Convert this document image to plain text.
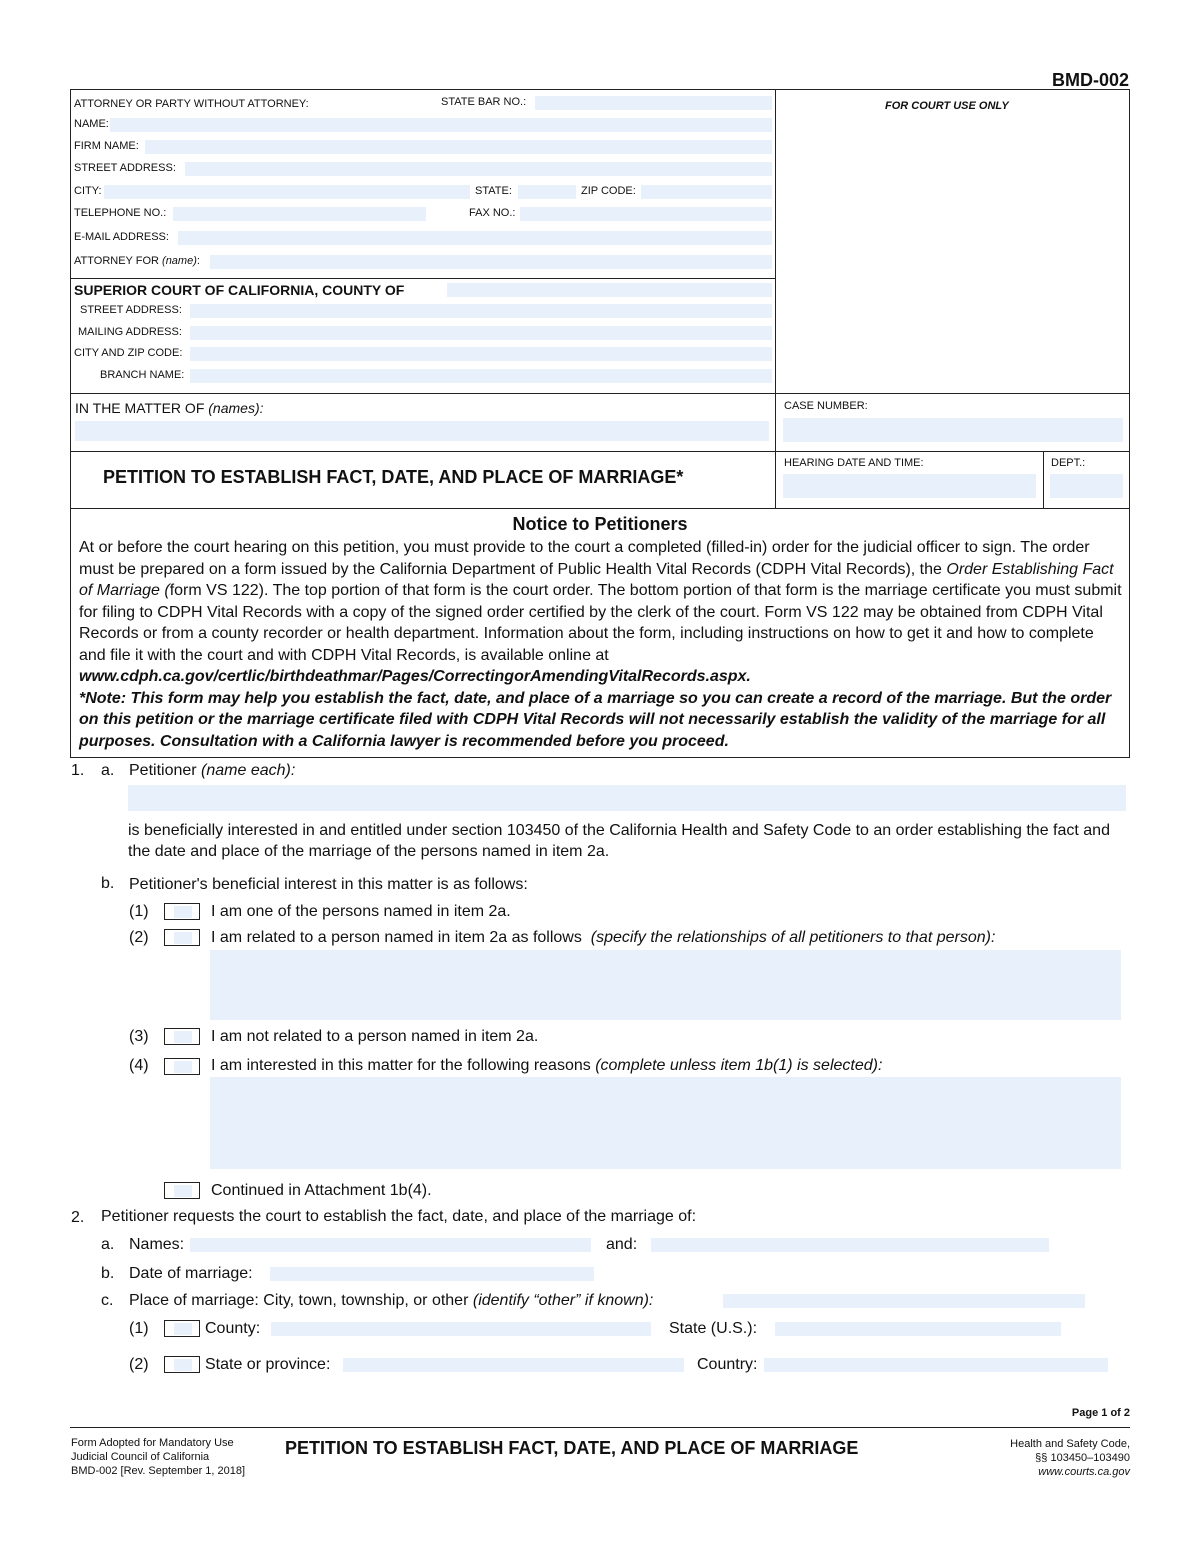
BMD-002
ATTORNEY OR PARTY WITHOUT ATTORNEY:	STATE BAR NO.:
NAME:
FIRM NAME:
STREET ADDRESS:
CITY:	STATE:	ZIP CODE:
TELEPHONE NO.:	FAX NO.:
E-MAIL ADDRESS:
ATTORNEY FOR (name):
FOR COURT USE ONLY
SUPERIOR COURT OF CALIFORNIA, COUNTY OF
STREET ADDRESS:
MAILING ADDRESS:
CITY AND ZIP CODE:
BRANCH NAME:
IN THE MATTER OF (names):	CASE NUMBER:
PETITION TO ESTABLISH FACT, DATE, AND PLACE OF MARRIAGE*
HEARING DATE AND TIME:	DEPT.:
Notice to Petitioners

At or before the court hearing on this petition, you must provide to the court a completed (filled-in) order for the judicial officer to sign. The order must be prepared on a form issued by the California Department of Public Health Vital Records (CDPH Vital Records), the Order Establishing Fact of Marriage (form VS 122). The top portion of that form is the court order. The bottom portion of that form is the marriage certificate you must submit for filing to CDPH Vital Records with a copy of the signed order certified by the clerk of the court. Form VS 122 may be obtained from CDPH Vital Records or from a county recorder or health department. Information about the form, including instructions on how to get it and how to complete and file it with the court and with CDPH Vital Records, is available online at www.cdph.ca.gov/certlic/birthdeathmar/Pages/CorrectingorAmendingVitalRecords.aspx.

*Note: This form may help you establish the fact, date, and place of a marriage so you can create a record of the marriage. But the order on this petition or the marriage certificate filed with CDPH Vital Records will not necessarily establish the validity of the marriage for all purposes. Consultation with a California lawyer is recommended before you proceed.

1. a. Petitioner (name each):
is beneficially interested in and entitled under section 103450 of the California Health and Safety Code to an order establishing the fact and the date and place of the marriage of the persons named in item 2a.
b. Petitioner's beneficial interest in this matter is as follows:
(1)	I am one of the persons named in item 2a.
(2)	I am related to a person named in item 2a as follows (specify the relationships of all petitioners to that person):
(3)	I am not related to a person named in item 2a.
(4)	I am interested in this matter for the following reasons (complete unless item 1b(1) is selected):
Continued in Attachment 1b(4).
2. Petitioner requests the court to establish the fact, date, and place of the marriage of:
a. Names:	and:
b. Date of marriage:
c. Place of marriage: City, town, township, or other (identify “other” if known):
(1)	County:	State (U.S.):
(2)	State or province:	Country:
Page 1 of 2
Form Adopted for Mandatory Use
Judicial Council of California
BMD-002 [Rev. September 1, 2018]
PETITION TO ESTABLISH FACT, DATE, AND PLACE OF MARRIAGE	Health and Safety Code,
§§ 103450–103490
www.courts.ca.gov
